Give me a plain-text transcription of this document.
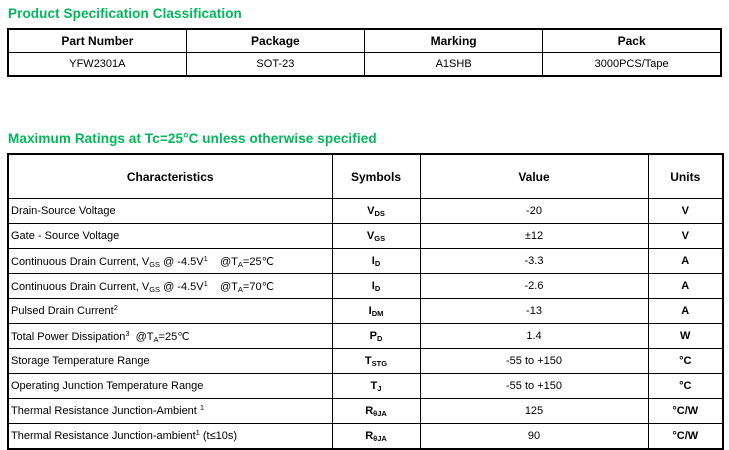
Product Specification Classification
Part Number	Package	Marking	Pack
YFW2301A	SOT-23	A1SHB	3000PCS/Tape
Maximum Ratings at Tc=25°C unless otherwise specified
Characteristics	Symbols	Value	Units
Drain-Source Voltage	$V_{DS}$	-20	V
Gate - Source Voltage	$V_{GS}$	±12	V
Continuous Drain Current, $V_{GS}$ @ $-4.5V^1$    $@T_A=25℃$	$I_D$	-3.3	A
Continuous Drain Current, $V_{GS}$ @ $-4.5V^1$    $@T_A=70℃$	$I_D$	-2.6	A
Pulsed Drain Current$^2$	$I_{DM}$	-13	A
Total Power Dissipation$^3$  $@T_A=25℃$	$P_D$	1.4	W
Storage Temperature Range	$T_{STG}$	-55 to +150	°C
Operating Junction Temperature Range	$T_J$	-55 to +150	°C
Thermal Resistance Junction-Ambient $^1$	$R_{\theta JA}$	125	°C/W
Thermal Resistance Junction-ambient$^1$ (t≤10s)	$R_{\theta JA}$	90	°C/W
